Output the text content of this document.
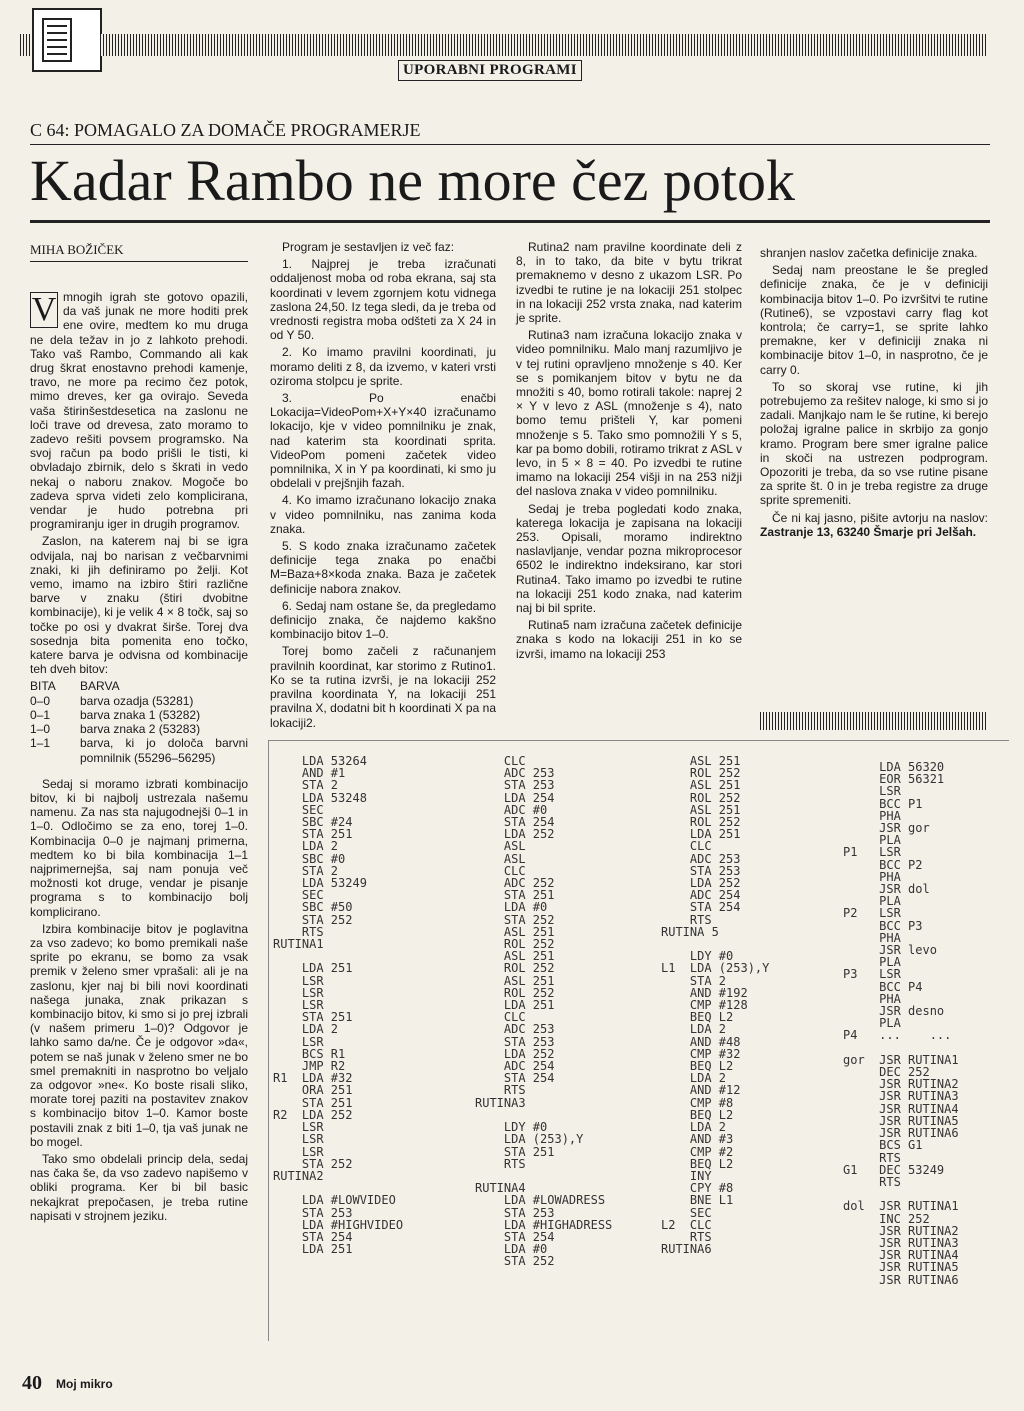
UPORABNI PROGRAMI
C 64: POMAGALO ZA DOMAČE PROGRAMERJE
Kadar Rambo ne more čez potok
MIHA BOŽIČEK

V mnogih igrah ste gotovo opazili, da vaš junak ne more hoditi prek ene ovire, medtem ko mu druga ne dela težav in jo z lahkoto prehodi. Tako vaš Rambo, Commando ali kak drug škrat enostavno prehodi kamenje, travo, ne more pa recimo čez potok, mimo dreves, ker ga ovirajo. Seveda vaša štirinšestdesetica na zaslonu ne loči trave od drevesa, zato moramo to zadevo rešiti povsem programsko. Na svoj račun pa bodo prišli le tisti, ki obvladajo zbirnik, delo s škrati in vedo nekaj o naboru znakov. Mogoče bo zadeva sprva videti zelo komplicirana, vendar je hudo potrebna pri programiranju iger in drugih programov.

Zaslon, na katerem naj bi se igra odvijala, naj bo narisan z večbarvnimi znaki, ki jih definiramo po želji. Kot vemo, imamo na izbiro štiri različne barve v znaku (štiri dvobitne kombinacije), ki je velik 4 × 8 točk, saj so točke po osi y dvakrat širše. Torej dva sosednja bita pomenita eno točko, katere barva je odvisna od kombinacije teh dveh bitov:

BITA	BARVA
0–0	barva ozadja (53281)
0–1	barva znaka 1 (53282)
1–0	barva znaka 2 (53283)
1–1	barva, ki jo določa barvni pomnilnik (55296–56295)

Sedaj si moramo izbrati kombinacijo bitov, ki bi najbolj ustrezala našemu namenu. Za nas sta najugodnejši 0–1 in 1–0. Odločimo se za eno, torej 1–0. Kombinacija 0–0 je najmanj primerna, medtem ko bi bila kombinacija 1–1 najprimernejša, saj nam ponuja več možnosti kot druge, vendar je pisanje programa s to kombinacijo bolj komplicirano.

Izbira kombinacije bitov je poglavitna za vso zadevo; ko bomo premikali naše sprite po ekranu, se bomo za vsak premik v želeno smer vprašali: ali je na zaslonu, kjer naj bi bili novi koordinati našega junaka, znak prikazan s kombinacijo bitov, ki smo si jo prej izbrali (v našem primeru 1–0)? Odgovor je lahko samo da/ne. Če je odgovor »da«, potem se naš junak v želeno smer ne bo smel premakniti in nasprotno bo veljalo za odgovor »ne«. Ko boste risali sliko, morate torej paziti na postavitev znakov s kombinacijo bitov 1–0. Kamor boste postavili znak z biti 1–0, tja vaš junak ne bo mogel.

Tako smo obdelali princip dela, sedaj nas čaka še, da vso zadevo napišemo v obliki programa. Ker bi bil basic nekajkrat prepočasen, je treba rutine napisati v strojnem jeziku.

Program je sestavljen iz več faz:

1. Najprej je treba izračunati oddaljenost moba od roba ekrana, saj sta koordinati v levem zgornjem kotu vidnega zaslona 24,50. Iz tega sledi, da je treba od vrednosti registra moba odšteti za X 24 in od Y 50.

2. Ko imamo pravilni koordinati, ju moramo deliti z 8, da izvemo, v kateri vrsti oziroma stolpcu je sprite.

3. Po enačbi Lokacija=VideoPom+X+Y×40 izračunamo lokacijo, kje v video pomnilniku je znak, nad katerim sta koordinati sprita. VideoPom pomeni začetek video pomnilnika, X in Y pa koordinati, ki smo ju obdelali v prejšnjih fazah.

4. Ko imamo izračunano lokacijo znaka v video pomnilniku, nas zanima koda znaka.

5. S kodo znaka izračunamo začetek definicije tega znaka po enačbi M=Baza+8×koda znaka. Baza je začetek definicije nabora znakov.

6. Sedaj nam ostane še, da pregledamo definicijo znaka, če najdemo kakšno kombinacijo bitov 1–0.

Torej bomo začeli z računanjem pravilnih koordinat, kar storimo z Rutino1. Ko se ta rutina izvrši, je na lokaciji 252 pravilna koordinata Y, na lokaciji 251 pravilna X, dodatni bit h koordinati X pa na lokaciji2.

Rutina2 nam pravilne koordinate deli z 8, in to tako, da bite v bytu trikrat premaknemo v desno z ukazom LSR. Po izvedbi te rutine je na lokaciji 251 stolpec in na lokaciji 252 vrsta znaka, nad katerim je sprite.

Rutina3 nam izračuna lokacijo znaka v video pomnilniku. Malo manj razumljivo je v tej rutini opravljeno množenje s 40. Ker se s pomikanjem bitov v bytu ne da množiti s 40, bomo rotirali takole: naprej 2 × Y v levo z ASL (množenje s 4), nato bomo temu prišteli Y, kar pomeni množenje s 5. Tako smo pomnožili Y s 5, kar pa bomo dobili, rotiramo trikrat z ASL v levo, in 5 × 8 = 40. Po izvedbi te rutine imamo na lokaciji 254 višji in na 253 nižji del naslova znaka v video pomnilniku.

Sedaj je treba pogledati kodo znaka, katerega lokacija je zapisana na lokaciji 253. Opisali, moramo indirektno naslavljanje, vendar pozna mikroprocesor 6502 le indirektno indeksirano, kar stori Rutina4. Tako imamo po izvedbi te rutine na lokaciji 251 kodo znaka, nad katerim naj bi bil sprite.

Rutina5 nam izračuna začetek definicije znaka s kodo na lokaciji 251 in ko se izvrši, imamo na lokaciji 253

shranjen naslov začetka definicije znaka.

Sedaj nam preostane le še pregled definicije znaka, če je v definiciji kombinacija bitov 1–0. Po izvršitvi te rutine (Rutine6), se vzpostavi carry flag kot kontrola; če carry=1, se sprite lahko premakne, ker v definiciji znaka ni kombinacije bitov 1–0, in nasprotno, če je carry 0.

To so skoraj vse rutine, ki jih potrebujemo za rešitev naloge, ki smo si jo zadali. Manjkajo nam le še rutine, ki berejo položaj igralne palice in skrbijo za gonjo kramo. Program bere smer igralne palice in skoči na ustrezen podprogram. Opozoriti je treba, da so vse rutine pisane za sprite št. 0 in je treba registre za druge sprite spremeniti.

Če ni kaj jasno, pišite avtorju na naslov: Zastranje 13, 63240 Šmarje pri Jelšah.

LDA 53264
AND #1
STA 2
LDA 53248
SEC
SBC #24
STA 251
LDA 2
SBC #0
STA 2
LDA 53249
SEC
SBC #50
STA 252
RTS
RUTINA1

LDA 251
LSR
LSR
LSR
STA 251
LDA 2
LSR
BCS R1
JMP R2
R1  LDA #32
ORA 251
STA 251
R2  LDA 252
LSR
LSR
LSR
STA 252
RUTINA2

LDA #LOWVIDEO
STA 253
LDA #HIGHVIDEO
STA 254
LDA 251
CLC
ADC 253
STA 253
LDA 254
ADC #0
STA 254
LDA 252
ASL
ASL
CLC
ADC 252
STA 251
LDA #0
STA 252
ASL 251
ROL 252
ASL 251
ROL 252
ASL 251
ROL 252
LDA 251
CLC
ADC 253
STA 253
LDA 252
ADC 254
STA 254
RTS
RUTINA3

LDY #0
LDA (253),Y
STA 251
RTS

RUTINA4
LDA #LOWADRESS
STA 253
LDA #HIGHADRESS
STA 254
LDA #0
STA 252
ASL 251
ROL 252
ASL 251
ROL 252
ASL 251
ROL 252
LDA 251
CLC
ADC 253
STA 253
LDA 252
ADC 254
STA 254
RTS
RUTINA 5

LDY #0
L1  LDA (253),Y
STA 2
AND #192
CMP #128
BEQ L2
LDA 2
AND #48
CMP #32
BEQ L2
LDA 2
AND #12
CMP #8
BEQ L2
LDA 2
AND #3
CMP #2
BEQ L2
INY
CPY #8
BNE L1
SEC
L2  CLC
RTS
RUTINA6
LDA 56320
EOR 56321
LSR
BCC P1
PHA
JSR gor
PLA
P1   LSR
BCC P2
PHA
JSR dol
PLA
P2   LSR
BCC P3
PHA
JSR levo
PLA
P3   LSR
BCC P4
PHA
JSR desno
PLA
P4   ...    ...

gor  JSR RUTINA1
DEC 252
JSR RUTINA2
JSR RUTINA3
JSR RUTINA4
JSR RUTINA5
JSR RUTINA6
BCS G1
RTS
G1   DEC 53249
RTS

dol  JSR RUTINA1
INC 252
JSR RUTINA2
JSR RUTINA3
JSR RUTINA4
JSR RUTINA5
JSR RUTINA6
40 Moj mikro
